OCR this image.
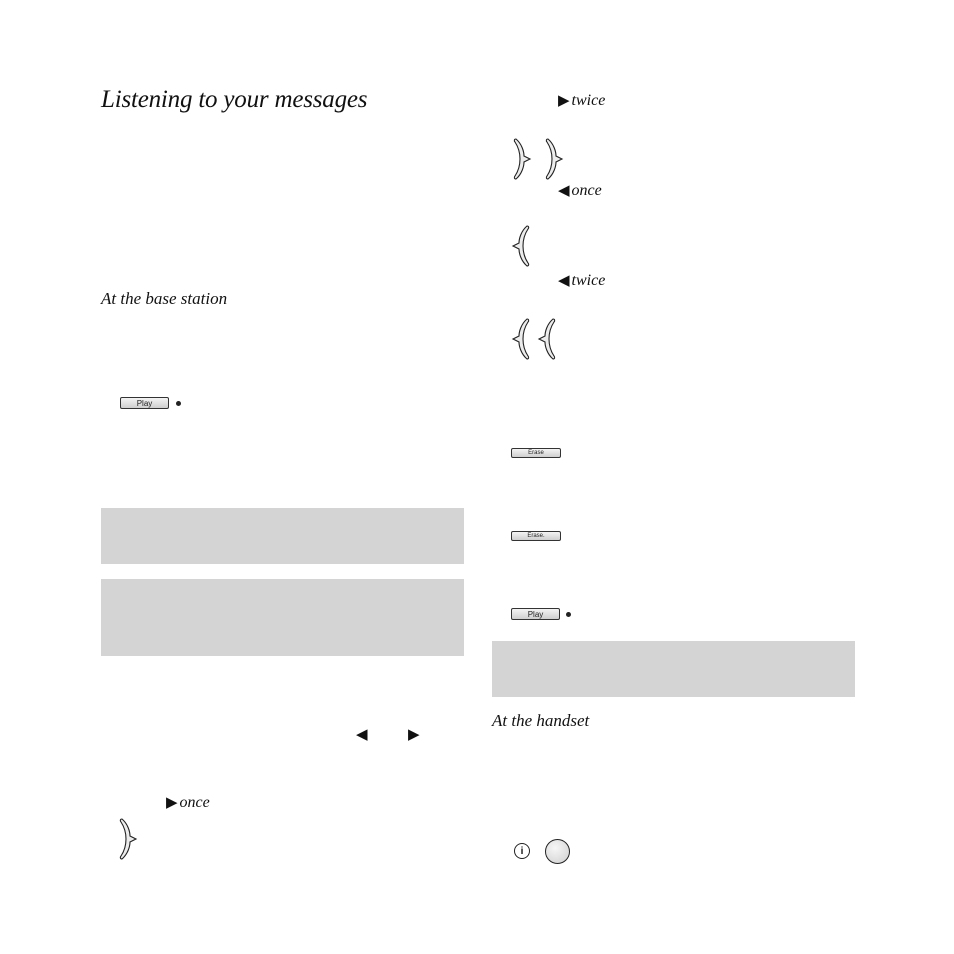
Listening to your messages
At the base station
Play
◀	▶
▶ once
▶ twice
◀ once
◀ twice
Erase
Erase.
Play
At the handset
i
